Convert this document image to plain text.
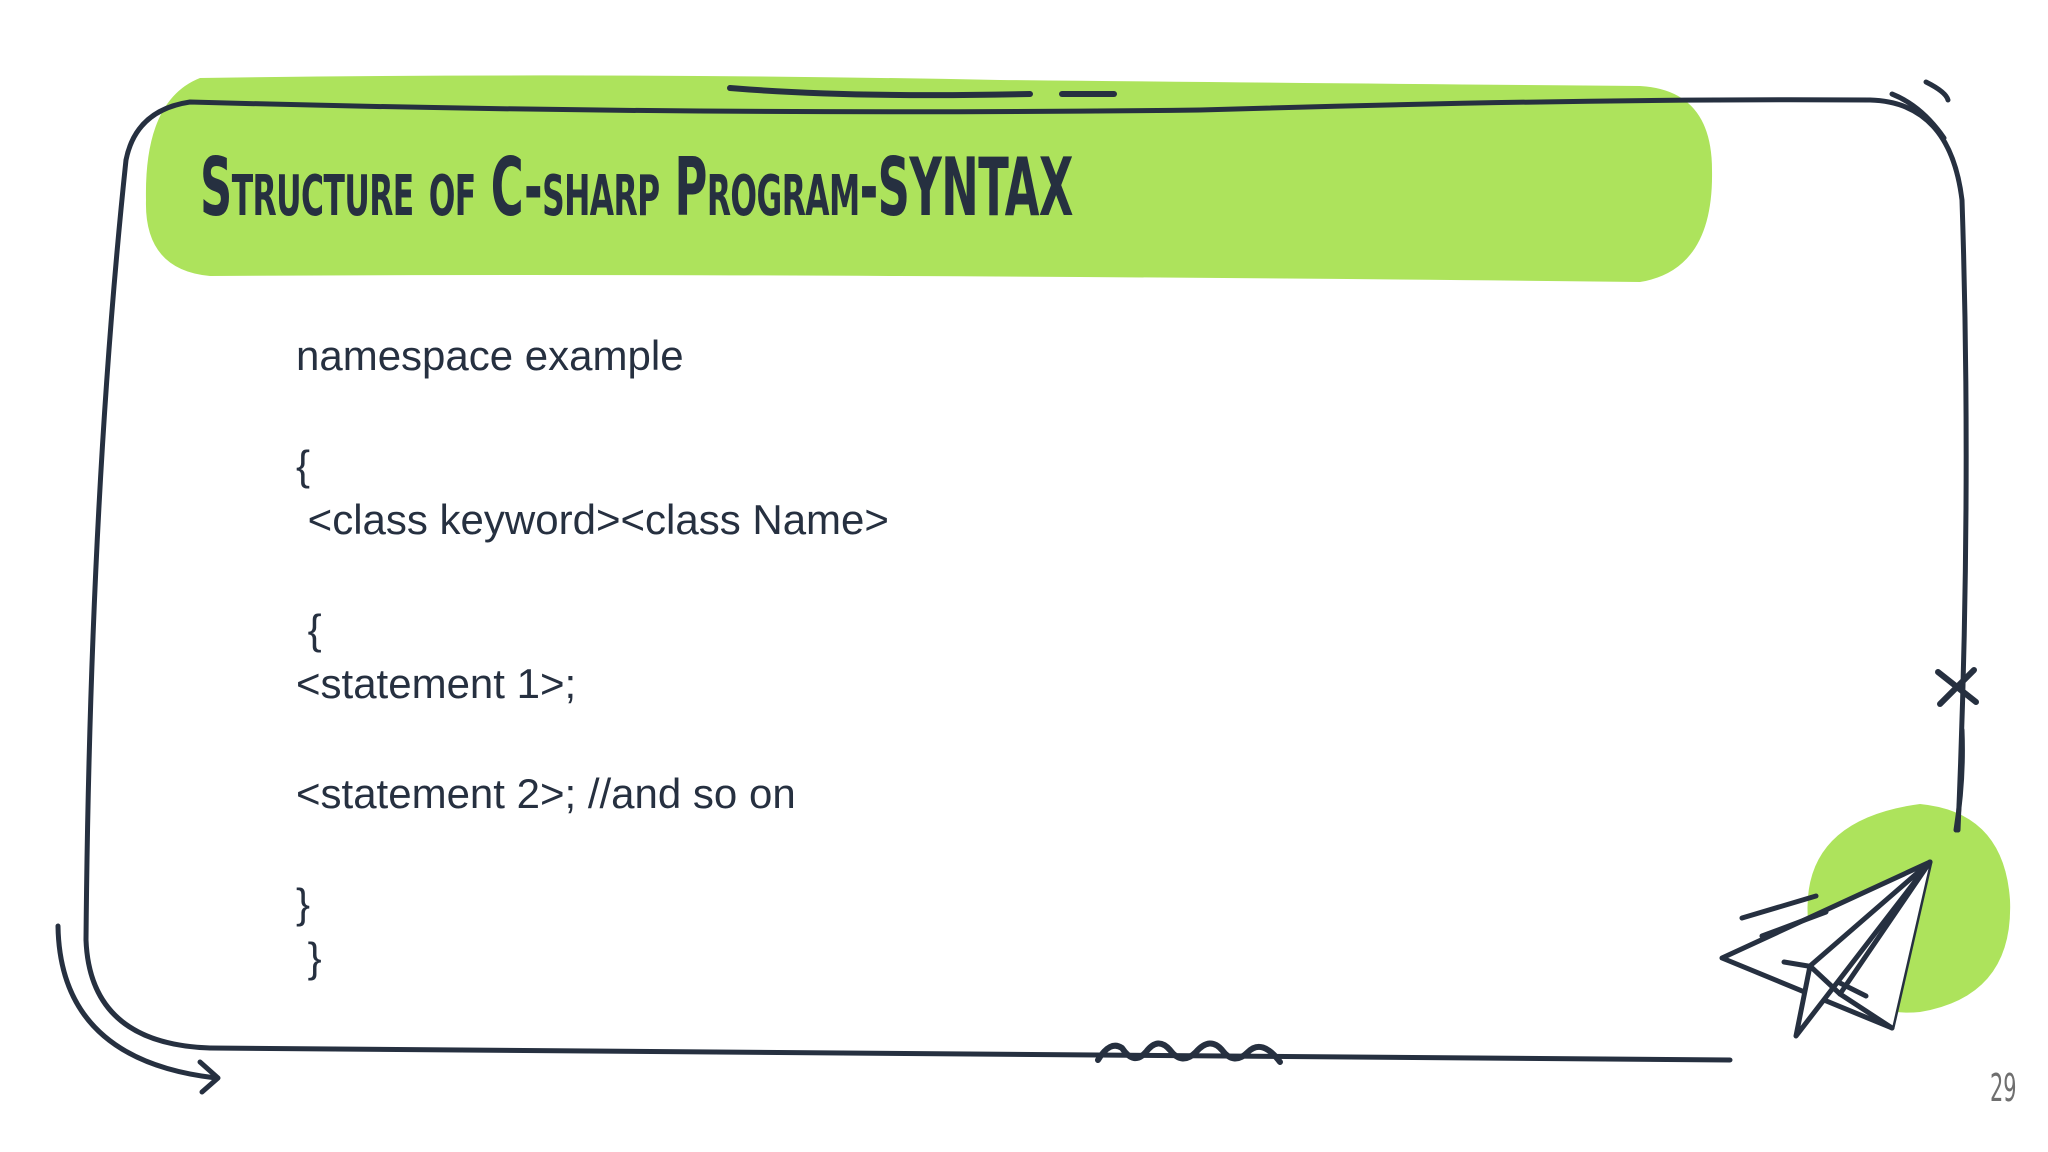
Structure of C-sharp Program-SYNTAX

namespace example

{

<class keyword><class Name>

{

<statement 1>;

<statement 2>; //and so on

}

}

29
